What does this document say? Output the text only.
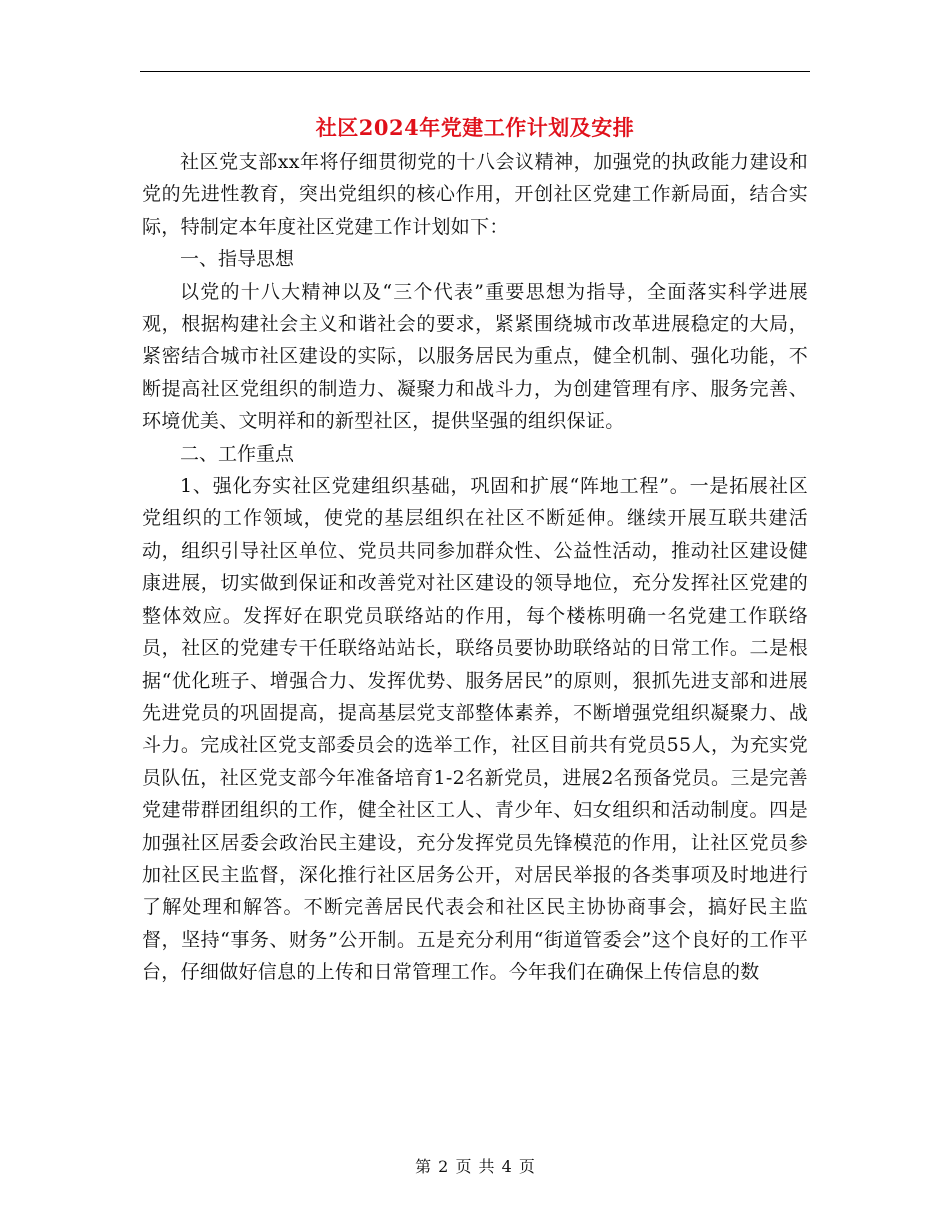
社区2024年党建工作计划及安排

社区党支部xx年将仔细贯彻党的十八会议精神，加强党的执政能力建设和党的先进性教育，突出党组织的核心作用，开创社区党建工作新局面，结合实际，特制定本年度社区党建工作计划如下：

一、指导思想

以党的十八大精神以及“三个代表”重要思想为指导，全面落实科学进展观，根据构建社会主义和谐社会的要求，紧紧围绕城市改革进展稳定的大局，紧密结合城市社区建设的实际，以服务居民为重点，健全机制、强化功能，不断提高社区党组织的制造力、凝聚力和战斗力，为创建管理有序、服务完善、环境优美、文明祥和的新型社区，提供坚强的组织保证。

二、工作重点

1、强化夯实社区党建组织基础，巩固和扩展“阵地工程”。一是拓展社区党组织的工作领域，使党的基层组织在社区不断延伸。继续开展互联共建活动，组织引导社区单位、党员共同参加群众性、公益性活动，推动社区建设健康进展，切实做到保证和改善党对社区建设的领导地位，充分发挥社区党建的整体效应。发挥好在职党员联络站的作用，每个楼栋明确一名党建工作联络员，社区的党建专干任联络站站长，联络员要协助联络站的日常工作。二是根据“优化班子、增强合力、发挥优势、服务居民”的原则，狠抓先进支部和进展先进党员的巩固提高，提高基层党支部整体素养，不断增强党组织凝聚力、战斗力。完成社区党支部委员会的选举工作，社区目前共有党员55人，为充实党员队伍，社区党支部今年准备培育1-2名新党员，进展2名预备党员。三是完善党建带群团组织的工作，健全社区工人、青少年、妇女组织和活动制度。四是加强社区居委会政治民主建设，充分发挥党员先锋模范的作用，让社区党员参加社区民主监督，深化推行社区居务公开，对居民举报的各类事项及时地进行了解处理和解答。不断完善居民代表会和社区民主协协商事会，搞好民主监督，坚持“事务、财务”公开制。五是充分利用“街道管委会”这个良好的工作平台，仔细做好信息的上传和日常管理工作。今年我们在确保上传信息的数

第 2 页 共 4 页
